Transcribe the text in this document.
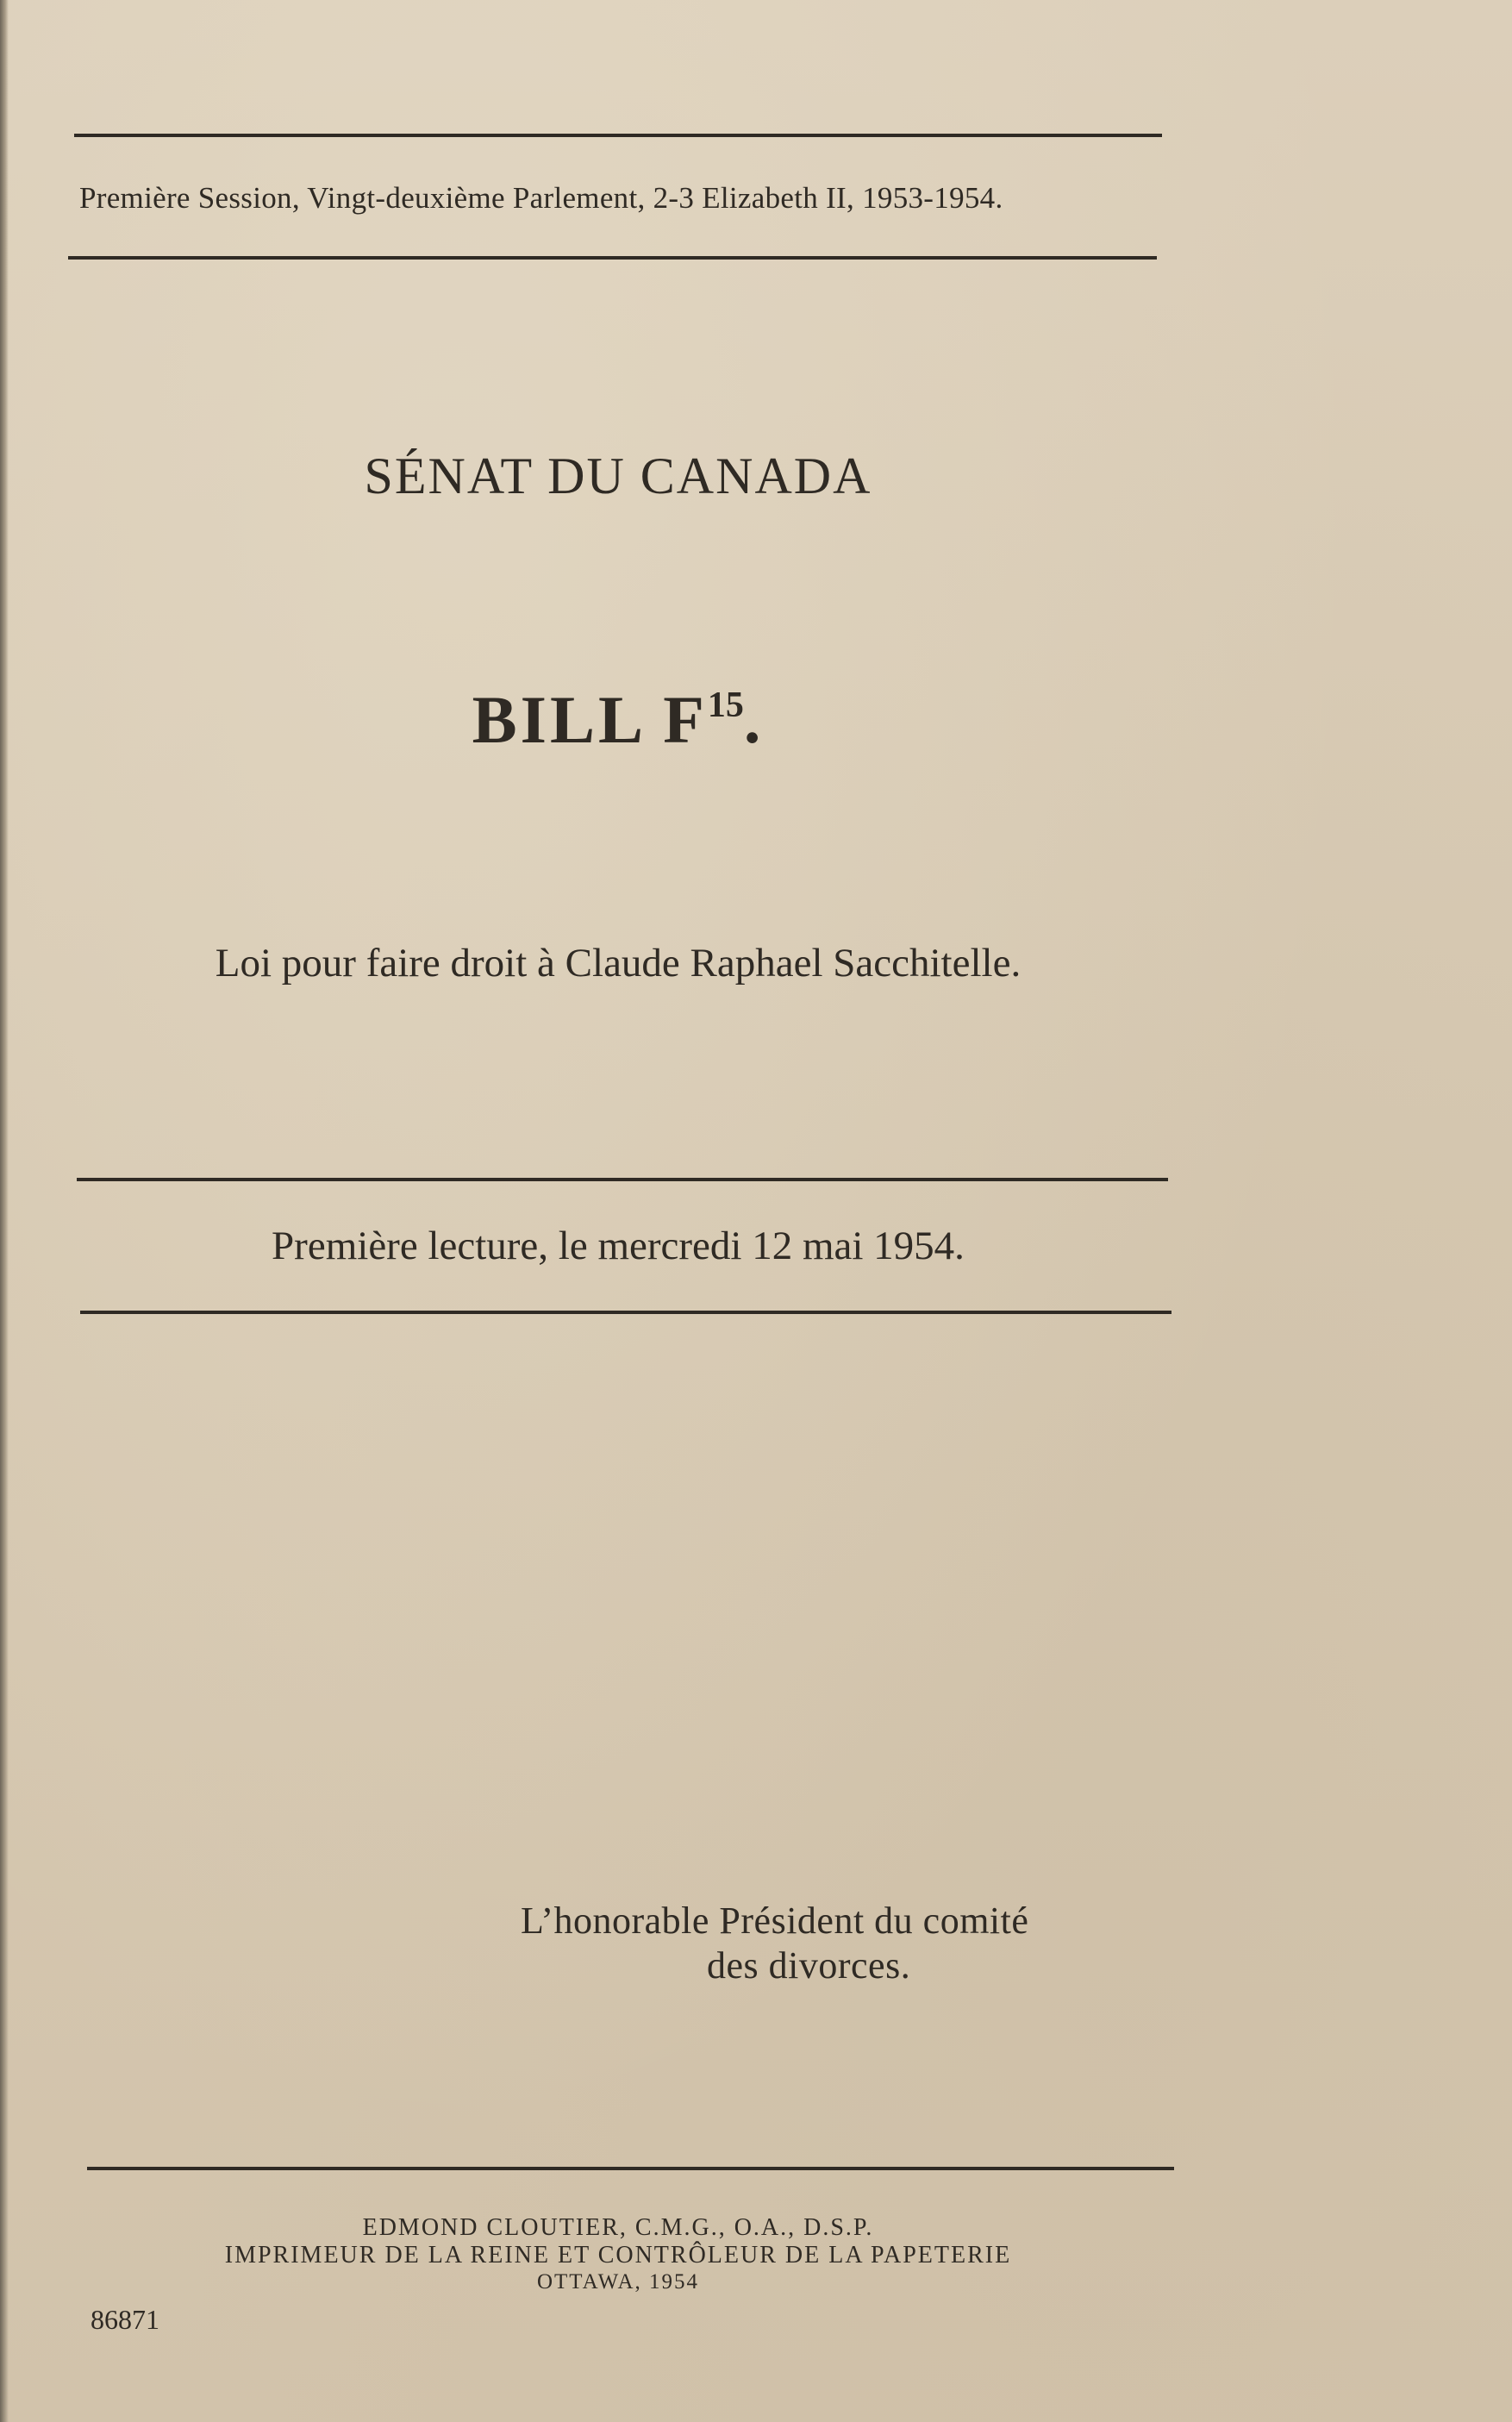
Première Session, Vingt-deuxième Parlement, 2-3 Elizabeth II, 1953-1954.
SÉNAT DU CANADA
BILL $F^{15}$.
Loi pour faire droit à Claude Raphael Sacchitelle.
Première lecture, le mercredi 12 mai 1954.
L’honorable Président du comité
des divorces.
EDMOND CLOUTIER, C.M.G., O.A., D.S.P.
IMPRIMEUR DE LA REINE ET CONTRÔLEUR DE LA PAPETERIE
OTTAWA, 1954
86871
